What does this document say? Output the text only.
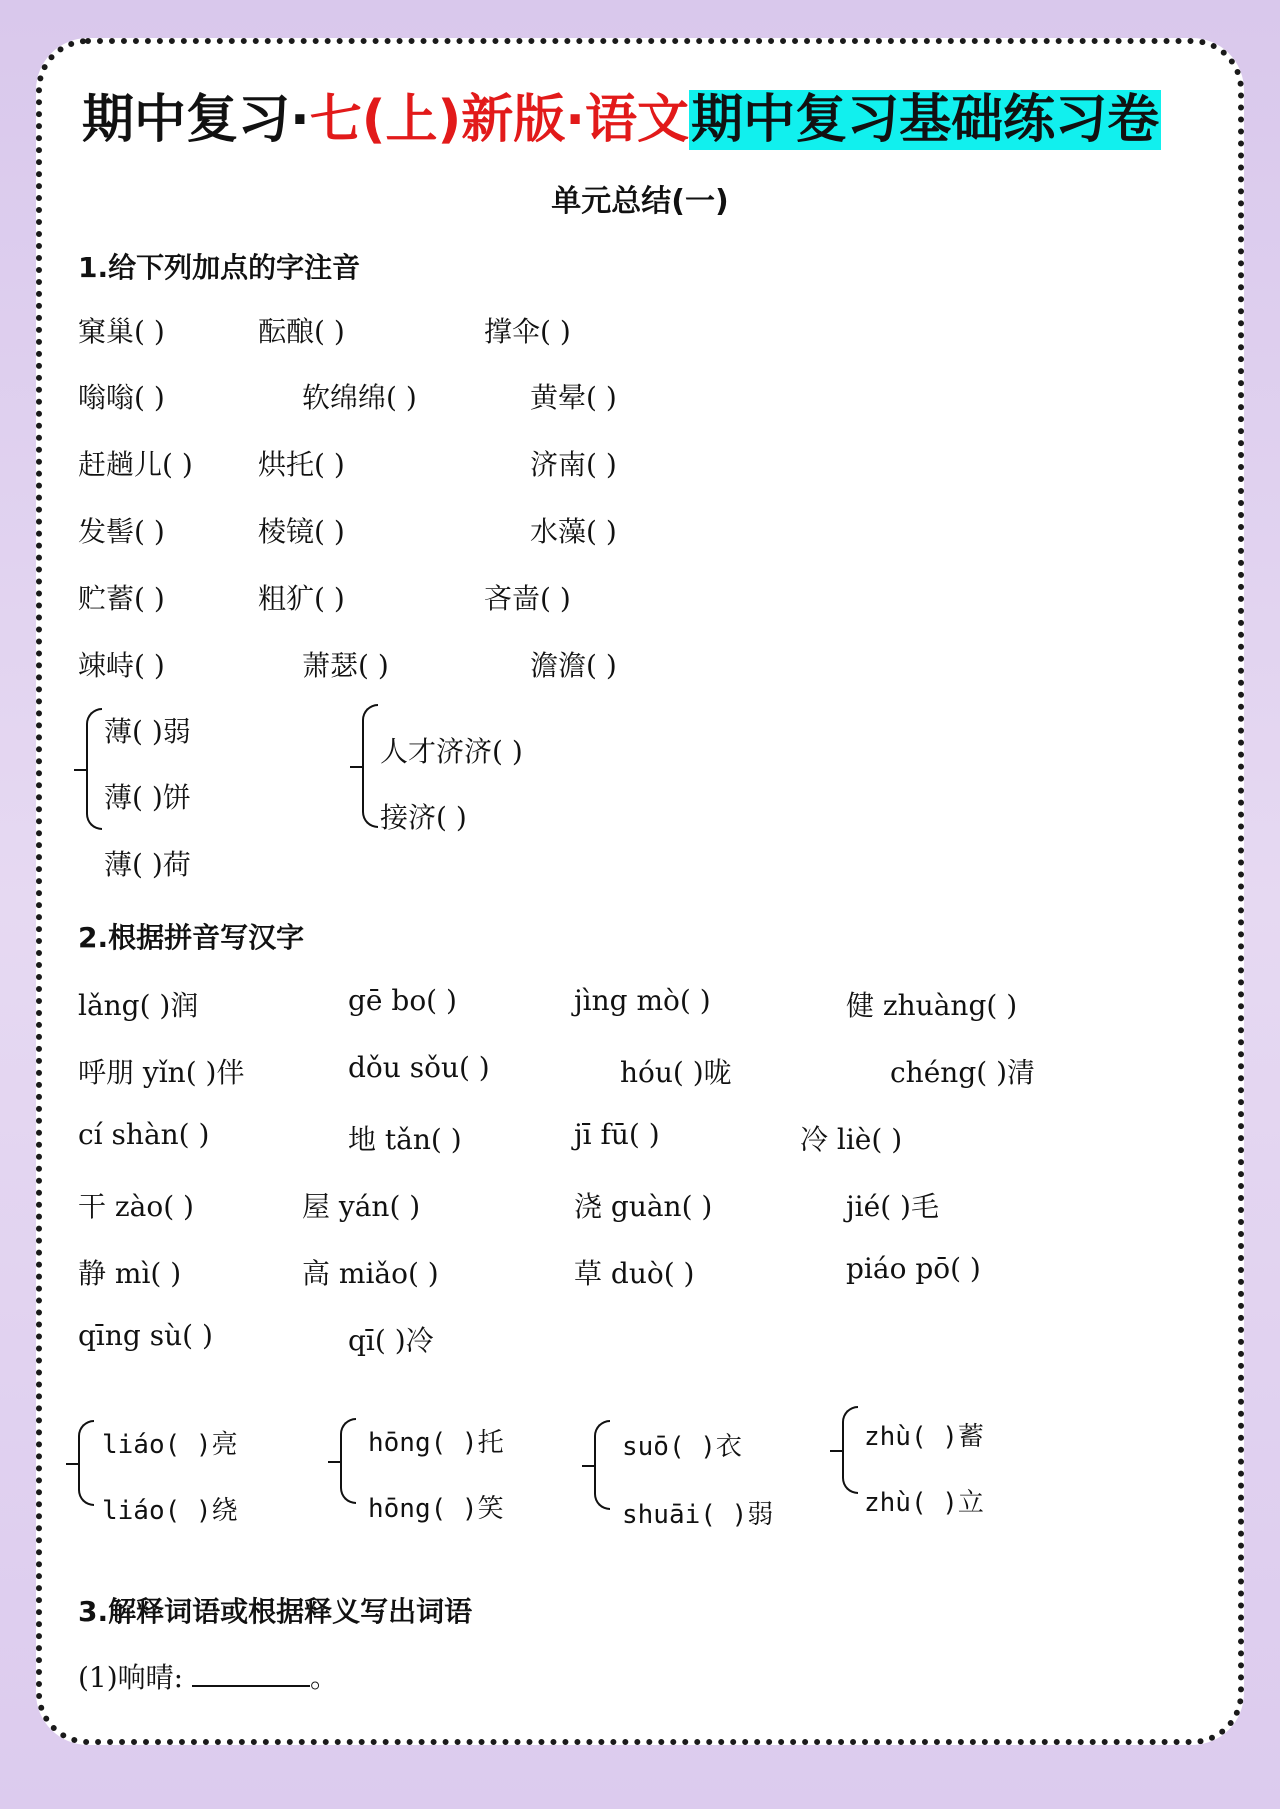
期中复习·七(上)新版·语文期中复习基础练习卷
单元总结(一)
1.给下列加点的字注音
窠巢( )	酝酿( )	撑伞( )
嗡嗡( )	软绵绵( )	黄晕( )
赶趟儿( ) 烘托( )	济南( )
发髻( )	棱镜( )	水藻( )
贮蓄( )	粗犷( )	吝啬( )
竦峙( )	萧瑟( )	澹澹( )
薄( )弱
薄( )饼
薄( )荷
人才济济( )
接济( )
2.根据拼音写汉字
lǎng( )润	gē bo( )	jìng mò( )	健 zhuàng( )
呼朋 yǐn( )伴	dǒu sǒu( )	hóu( )咙	chéng( )清
cí shàn( )	地 tǎn( )	jī fū( )	冷 liè( )
干 zào( )	屋 yán( )	浇 guàn( )	jié( )毛
静 mì( )	高 miǎo( )	草 duò( )	piáo pō( )
qīng sù( )	qī( )冷
liáo( )亮
liáo( )绕
hōng( )托
hōng( )笑
suō( )衣
shuāi( )弱
zhù( )蓄
zhù( )立
3.解释词语或根据释义写出词语
(1)响晴:	。
